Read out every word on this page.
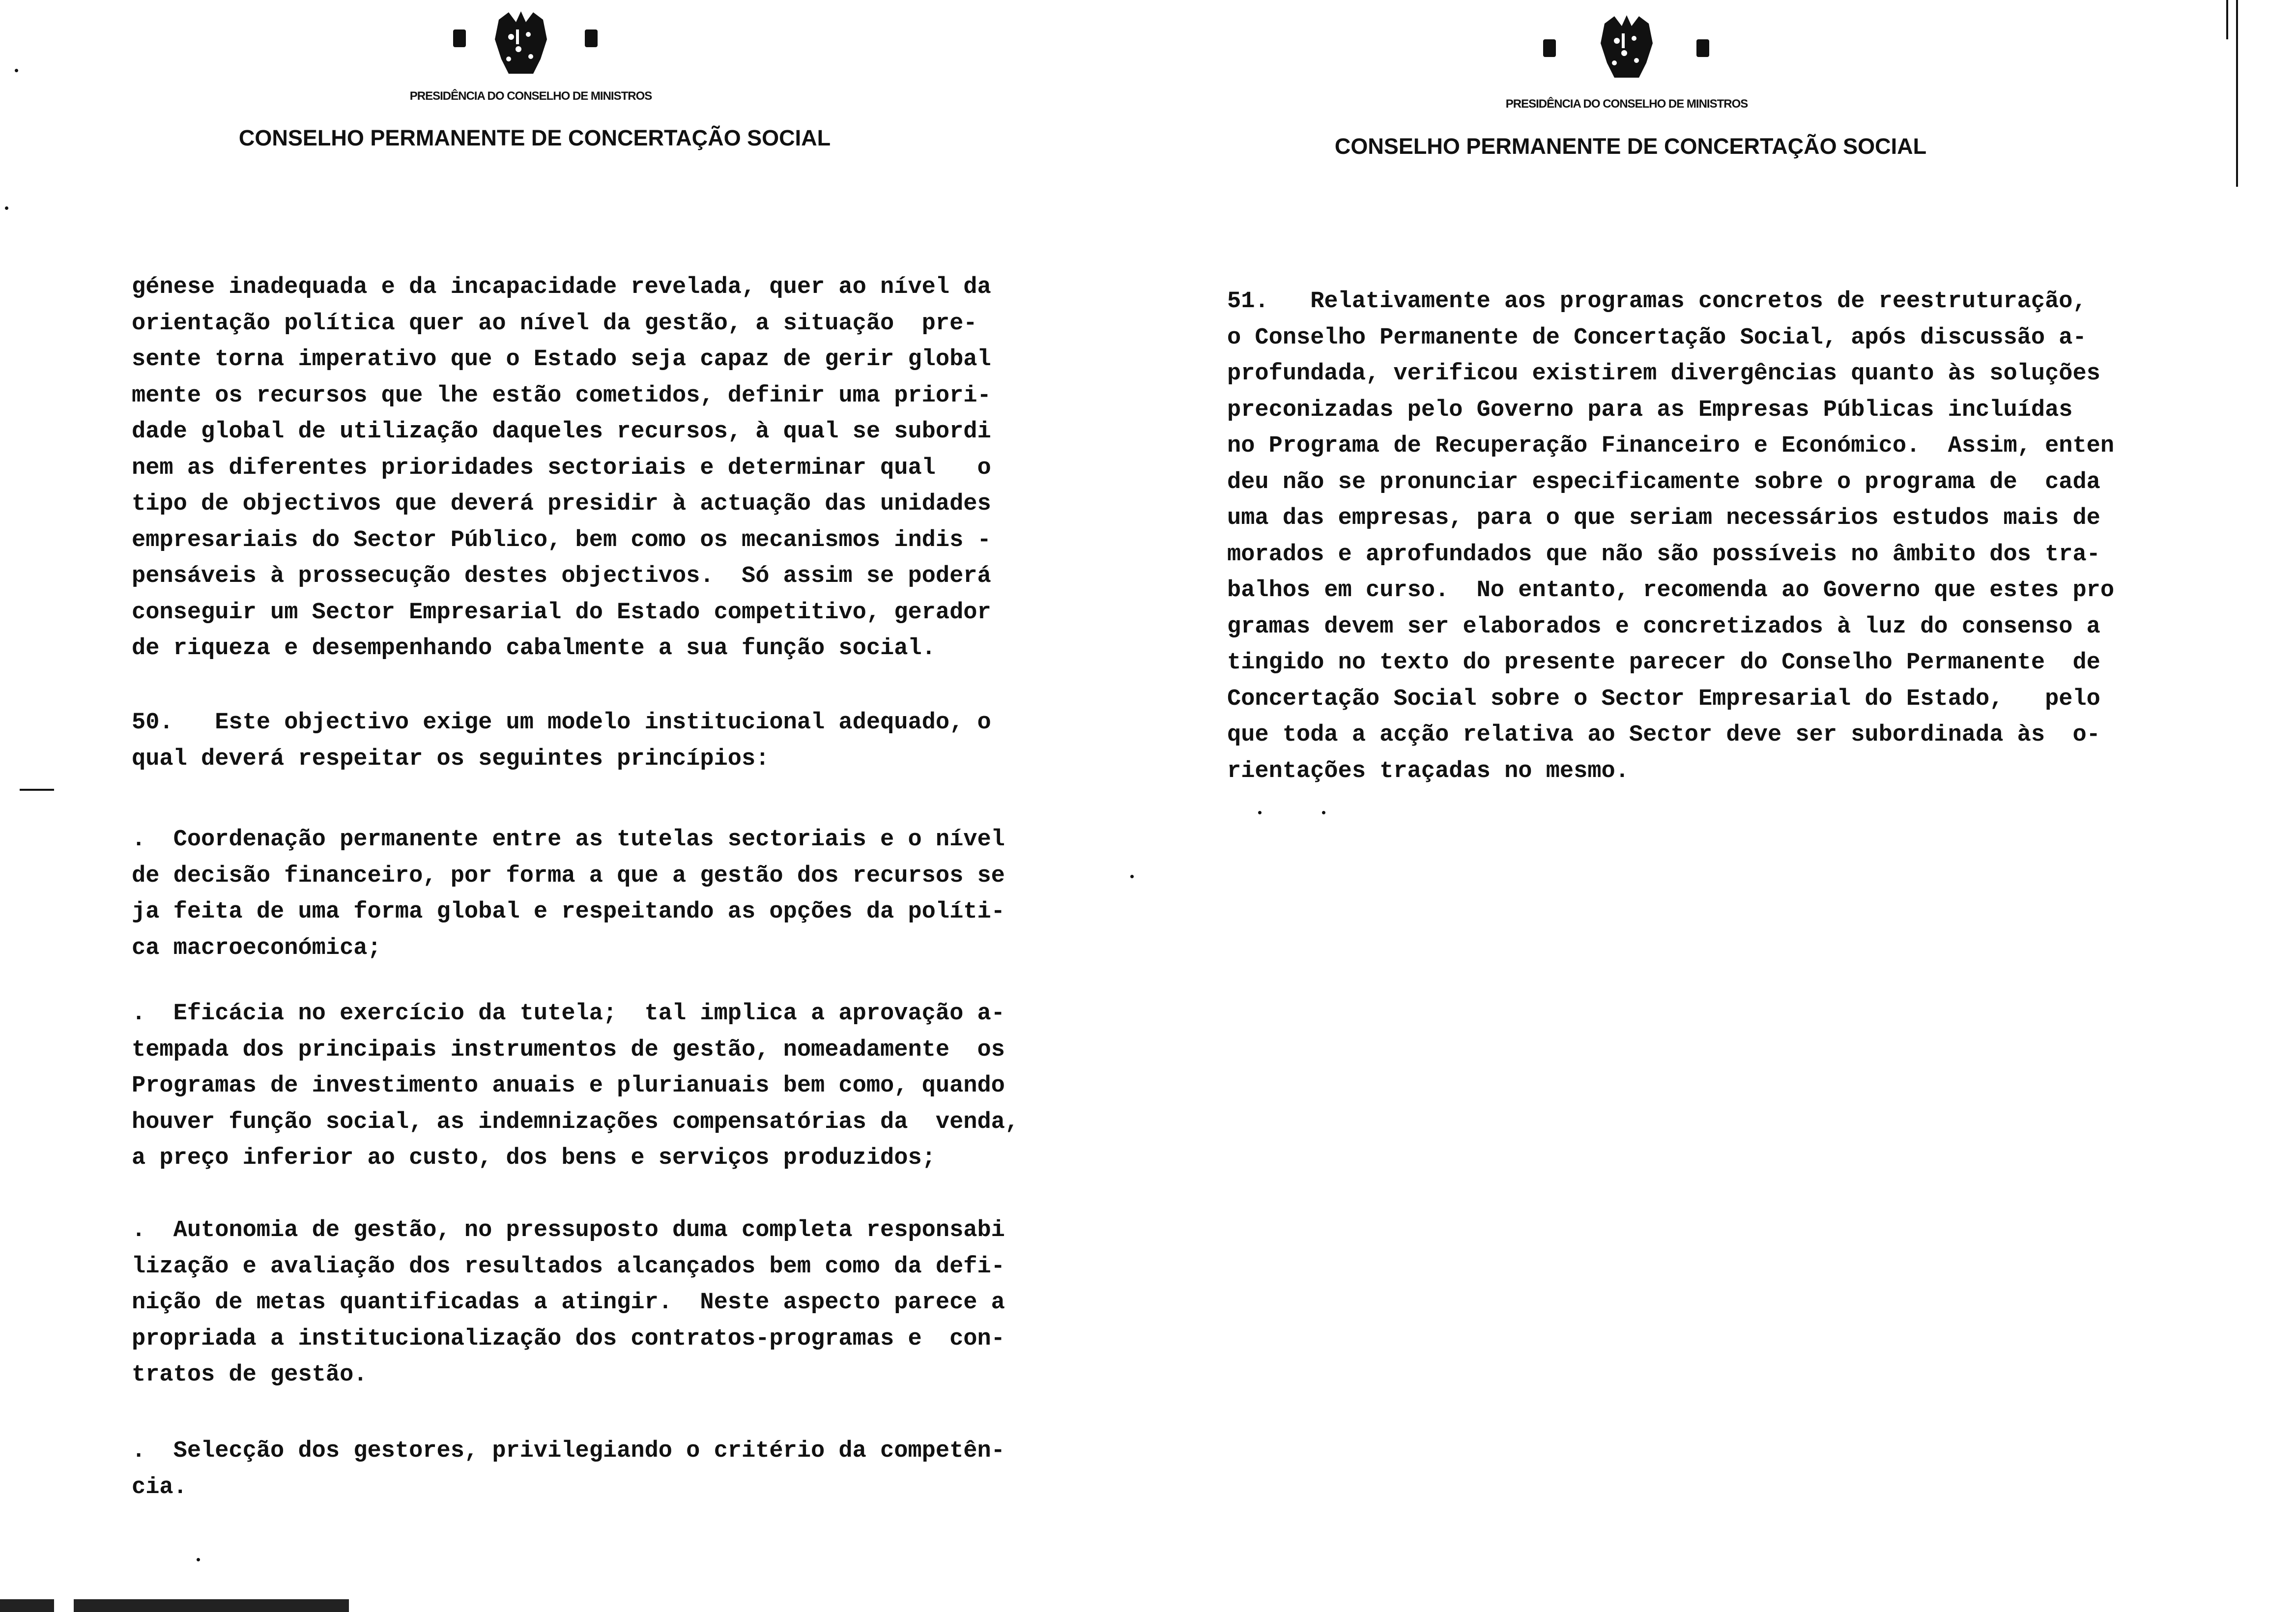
PRESIDÊNCIA DO CONSELHO DE MINISTROS
CONSELHO PERMANENTE DE CONCERTAÇÃO SOCIAL
PRESIDÊNCIA DO CONSELHO DE MINISTROS
CONSELHO PERMANENTE DE CONCERTAÇÃO SOCIAL
génese inadequada e da incapacidade revelada, quer ao nível da
orientação política quer ao nível da gestão, a situação  pre-
sente torna imperativo que o Estado seja capaz de gerir global
mente os recursos que lhe estão cometidos, definir uma priori-
dade global de utilização daqueles recursos, à qual se subordi
nem as diferentes prioridades sectoriais e determinar qual   o
tipo de objectivos que deverá presidir à actuação das unidades
empresariais do Sector Público, bem como os mecanismos indis -
pensáveis à prossecução destes objectivos.  Só assim se poderá
conseguir um Sector Empresarial do Estado competitivo, gerador
de riqueza e desempenhando cabalmente a sua função social.
50.   Este objectivo exige um modelo institucional adequado, o
qual deverá respeitar os seguintes princípios:
.  Coordenação permanente entre as tutelas sectoriais e o nível
de decisão financeiro, por forma a que a gestão dos recursos se
ja feita de uma forma global e respeitando as opções da políti-
ca macroeconómica;
.  Eficácia no exercício da tutela;  tal implica a aprovação a-
tempada dos principais instrumentos de gestão, nomeadamente  os
Programas de investimento anuais e plurianuais bem como, quando
houver função social, as indemnizações compensatórias da  venda,
a preço inferior ao custo, dos bens e serviços produzidos;
.  Autonomia de gestão, no pressuposto duma completa responsabi
lização e avaliação dos resultados alcançados bem como da defi-
nição de metas quantificadas a atingir.  Neste aspecto parece a
propriada a institucionalização dos contratos-programas e  con-
tratos de gestão.
.  Selecção dos gestores, privilegiando o critério da competên-
cia.
51.   Relativamente aos programas concretos de reestruturação,
o Conselho Permanente de Concertação Social, após discussão a-
profundada, verificou existirem divergências quanto às soluções
preconizadas pelo Governo para as Empresas Públicas incluídas
no Programa de Recuperação Financeiro e Económico.  Assim, enten
deu não se pronunciar especificamente sobre o programa de  cada
uma das empresas, para o que seriam necessários estudos mais de
morados e aprofundados que não são possíveis no âmbito dos tra-
balhos em curso.  No entanto, recomenda ao Governo que estes pro
gramas devem ser elaborados e concretizados à luz do consenso a
tingido no texto do presente parecer do Conselho Permanente  de
Concertação Social sobre o Sector Empresarial do Estado,   pelo
que toda a acção relativa ao Sector deve ser subordinada às  o-
rientações traçadas no mesmo.
